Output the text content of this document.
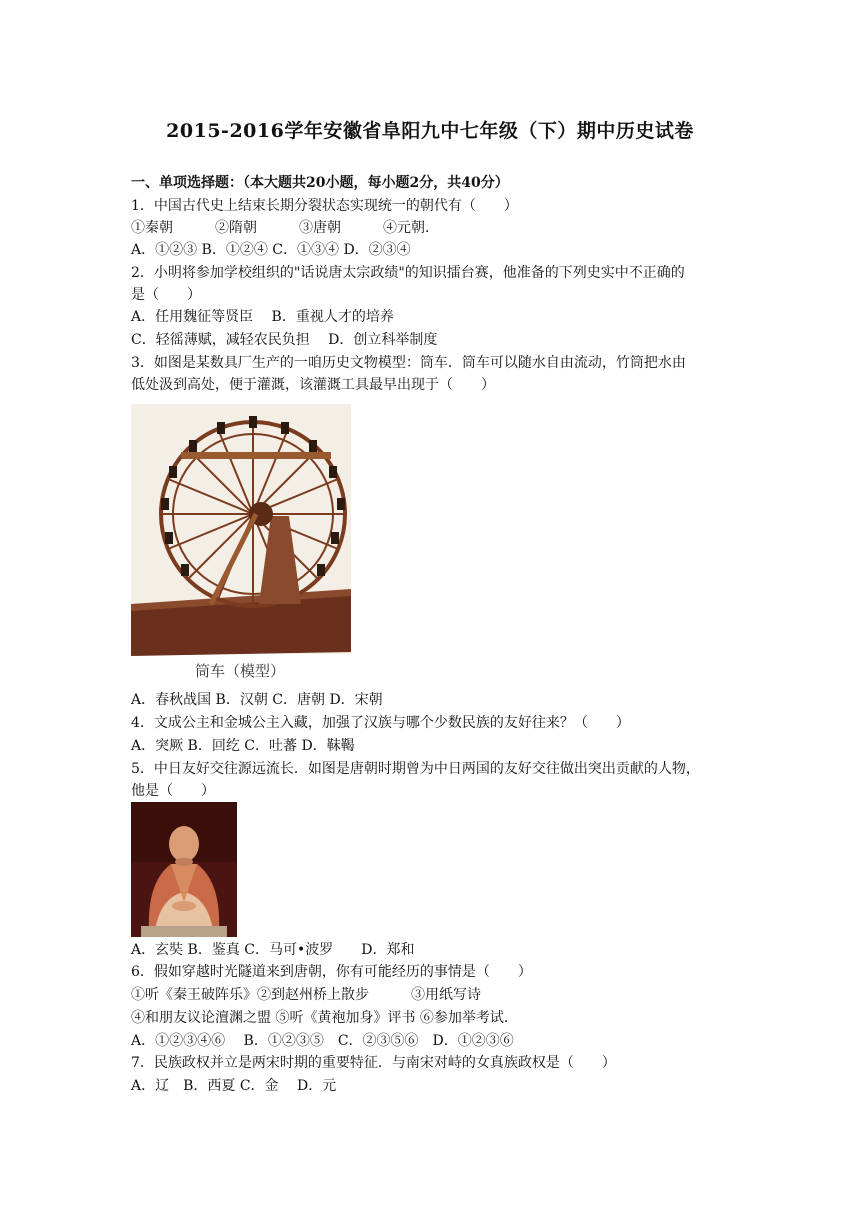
2015-2016学年安徽省阜阳九中七年级（下）期中历史试卷
一、单项选择题：（本大题共20小题，每小题2分，共40分）
1．中国古代史上结束长期分裂状态实现统一的朝代有（　　）
①秦朝　　　②隋朝　　　③唐朝　　　④元朝．
A．①②③ B．①②④ C．①③④ D．②③④
2．小明将参加学校组织的"话说唐太宗政绩"的知识擂台赛，他准备的下列史实中不正确的
是（　　）
A．任用魏征等贤臣　 B．重视人才的培养
C．轻徭薄赋，减轻农民负担　 D．创立科举制度
3．如图是某数具厂生产的一咱历史文物模型：筒车．筒车可以随水自由流动，竹筒把水由
低处汲到高处，便于灌溉，该灌溉工具最早出现于（　　）
筒车（模型）
A．春秋战国 B．汉朝 C．唐朝 D．宋朝
4．文成公主和金城公主入藏，加强了汉族与哪个少数民族的友好往来？（　　）
A．突厥 B．回纥 C．吐蕃 D．靺鞨
5．中日友好交往源远流长．如图是唐朝时期曾为中日两国的友好交往做出突出贡献的人物，
他是（　　）
A．玄奘 B．鉴真 C．马可•波罗　　D．郑和
6．假如穿越时光隧道来到唐朝，你有可能经历的事情是（　　）
①听《秦王破阵乐》②到赵州桥上散步　　　③用纸写诗
④和朋友议论澶渊之盟 ⑤听《黄袍加身》评书 ⑥参加举考试．
A．①②③④⑥　 B．①②③⑤　C．②③⑤⑥　D．①②③⑥
7．民族政权并立是两宋时期的重要特征．与南宋对峙的女真族政权是（　　）
A．辽　B．西夏 C．金　 D．元
